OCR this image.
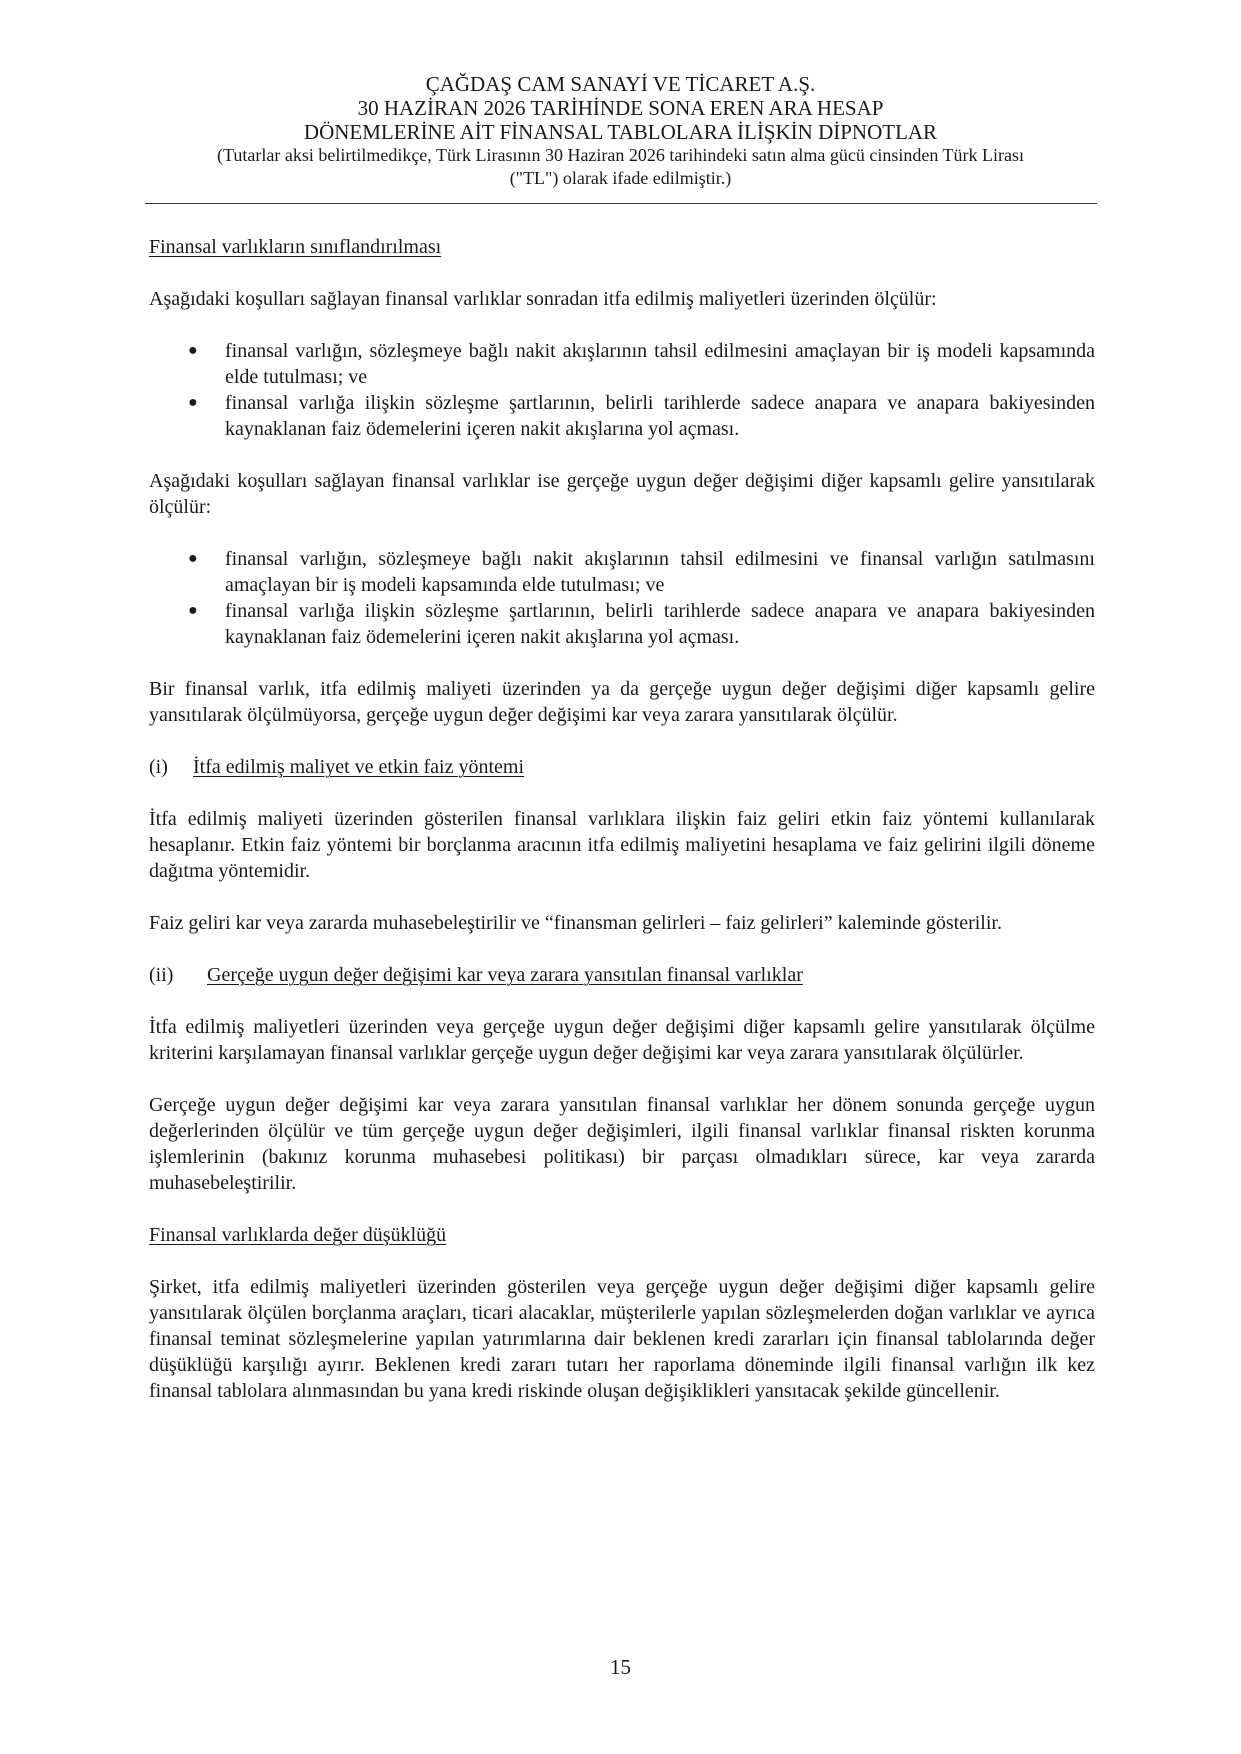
ÇAĞDAŞ CAM SANAYİ VE TİCARET A.Ş.
30 HAZİRAN 2026 TARİHİNDE SONA EREN ARA HESAP
DÖNEMLERİNE AİT FİNANSAL TABLOLARA İLİŞKİN DİPNOTLAR
(Tutarlar aksi belirtilmedikçe, Türk Lirasının 30 Haziran 2026 tarihindeki satın alma gücü cinsinden Türk Lirası
("TL") olarak ifade edilmiştir.)

Finansal varlıkların sınıflandırılması

Aşağıdaki koşulları sağlayan finansal varlıklar sonradan itfa edilmiş maliyetleri üzerinden ölçülür:

● finansal varlığın, sözleşmeye bağlı nakit akışlarının tahsil edilmesini amaçlayan bir iş modeli kapsamında elde tutulması; ve
● finansal varlığa ilişkin sözleşme şartlarının, belirli tarihlerde sadece anapara ve anapara bakiyesinden kaynaklanan faiz ödemelerini içeren nakit akışlarına yol açması.

Aşağıdaki koşulları sağlayan finansal varlıklar ise gerçeğe uygun değer değişimi diğer kapsamlı gelire yansıtılarak ölçülür:

● finansal varlığın, sözleşmeye bağlı nakit akışlarının tahsil edilmesini ve finansal varlığın satılmasını amaçlayan bir iş modeli kapsamında elde tutulması; ve
● finansal varlığa ilişkin sözleşme şartlarının, belirli tarihlerde sadece anapara ve anapara bakiyesinden kaynaklanan faiz ödemelerini içeren nakit akışlarına yol açması.

Bir finansal varlık, itfa edilmiş maliyeti üzerinden ya da gerçeğe uygun değer değişimi diğer kapsamlı gelire yansıtılarak ölçülmüyorsa, gerçeğe uygun değer değişimi kar veya zarara yansıtılarak ölçülür.

(i)	İtfa edilmiş maliyet ve etkin faiz yöntemi

İtfa edilmiş maliyeti üzerinden gösterilen finansal varlıklara ilişkin faiz geliri etkin faiz yöntemi kullanılarak hesaplanır. Etkin faiz yöntemi bir borçlanma aracının itfa edilmiş maliyetini hesaplama ve faiz gelirini ilgili döneme dağıtma yöntemidir.

Faiz geliri kar veya zararda muhasebeleştirilir ve “finansman gelirleri – faiz gelirleri” kaleminde gösterilir.

(ii)	Gerçeğe uygun değer değişimi kar veya zarara yansıtılan finansal varlıklar

İtfa edilmiş maliyetleri üzerinden veya gerçeğe uygun değer değişimi diğer kapsamlı gelire yansıtılarak ölçülme kriterini karşılamayan finansal varlıklar gerçeğe uygun değer değişimi kar veya zarara yansıtılarak ölçülürler.

Gerçeğe uygun değer değişimi kar veya zarara yansıtılan finansal varlıklar her dönem sonunda gerçeğe uygun değerlerinden ölçülür ve tüm gerçeğe uygun değer değişimleri, ilgili finansal varlıklar finansal riskten korunma işlemlerinin (bakınız korunma muhasebesi politikası) bir parçası olmadıkları sürece, kar veya zararda muhasebeleştirilir.

Finansal varlıklarda değer düşüklüğü

Şirket, itfa edilmiş maliyetleri üzerinden gösterilen veya gerçeğe uygun değer değişimi diğer kapsamlı gelire yansıtılarak ölçülen borçlanma araçları, ticari alacaklar, müşterilerle yapılan sözleşmelerden doğan varlıklar ve ayrıca finansal teminat sözleşmelerine yapılan yatırımlarına dair beklenen kredi zararları için finansal tablolarında değer düşüklüğü karşılığı ayırır. Beklenen kredi zararı tutarı her raporlama döneminde ilgili finansal varlığın ilk kez finansal tablolara alınmasından bu yana kredi riskinde oluşan değişiklikleri yansıtacak şekilde güncellenir.

15
